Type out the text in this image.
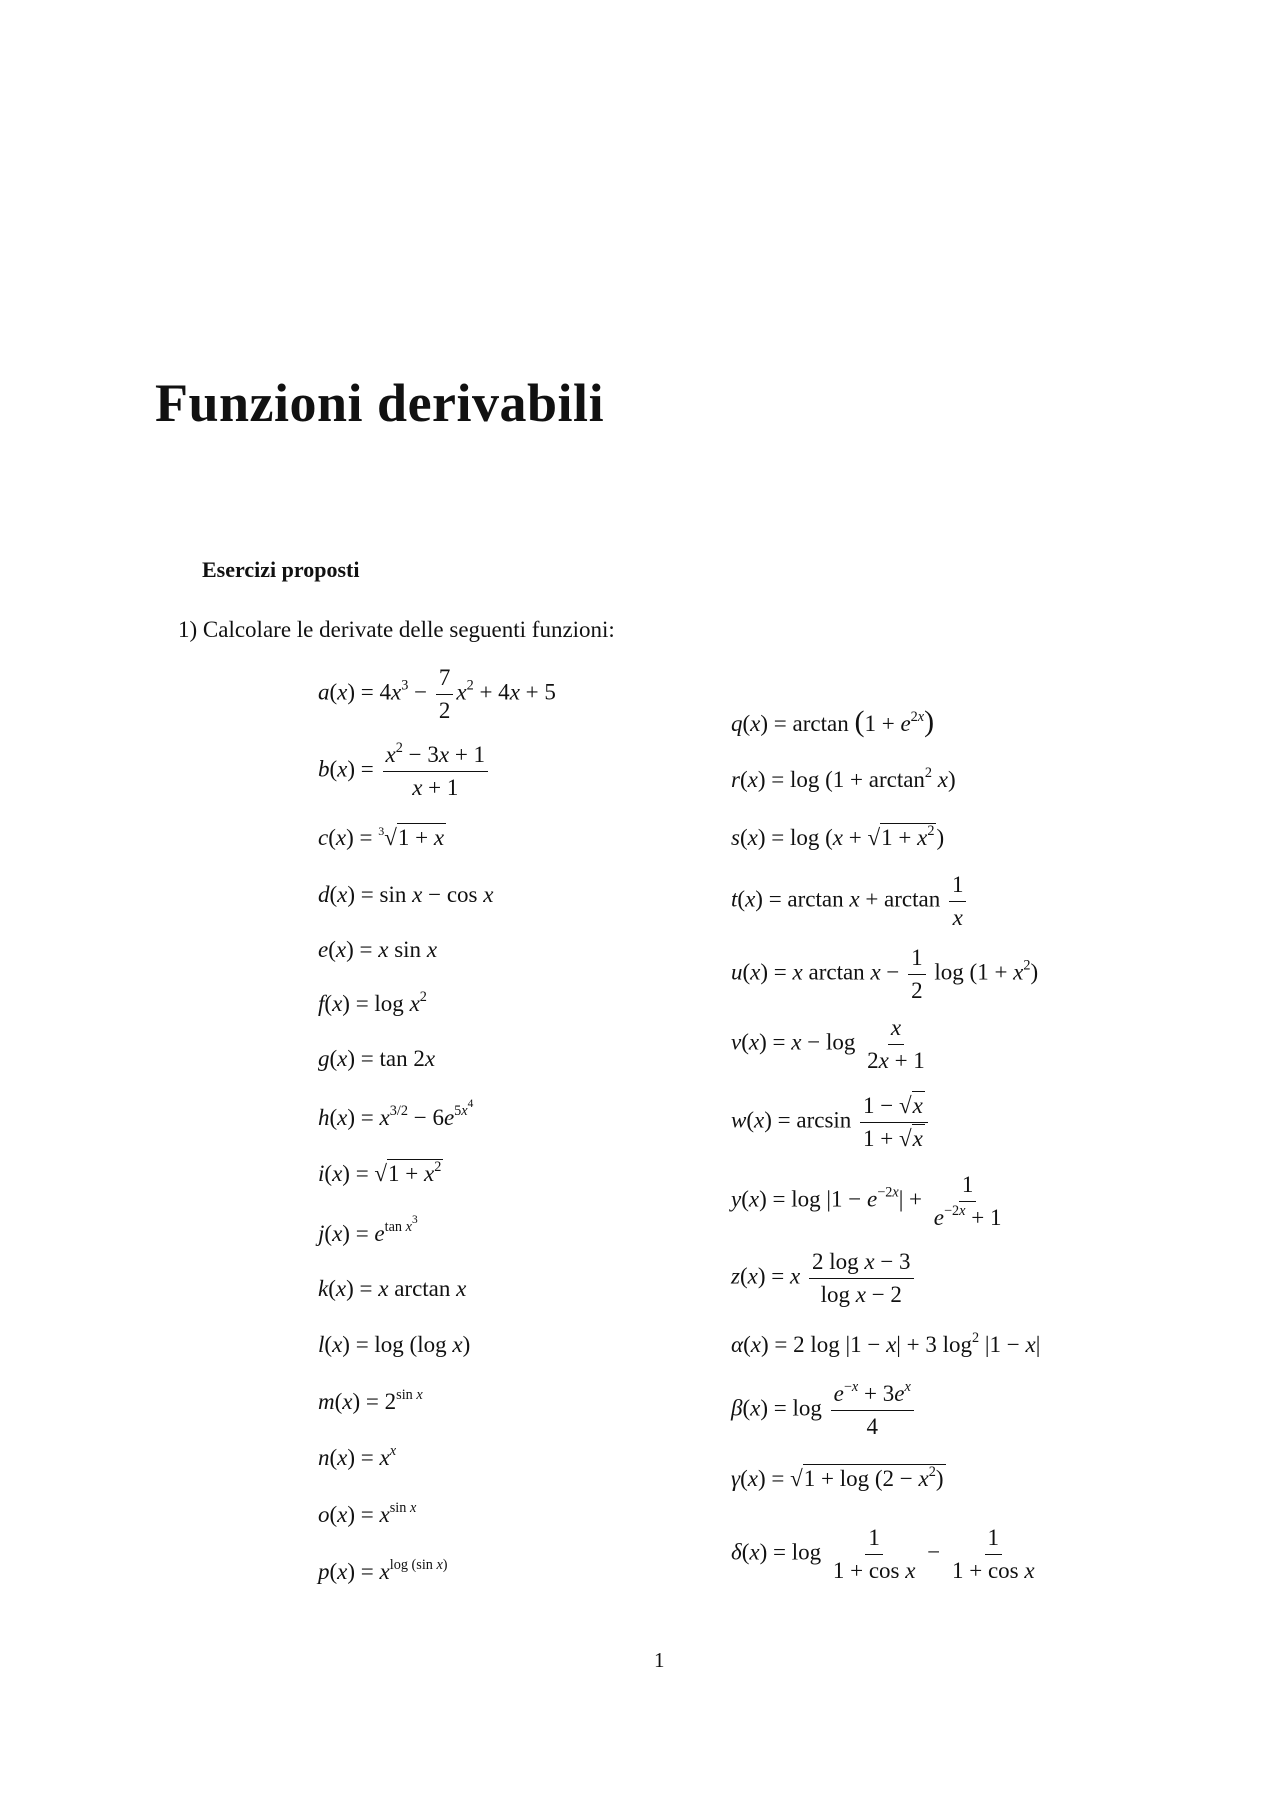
Funzioni derivabili
Esercizi proposti
1) Calcolare le derivate delle seguenti funzioni:
$a(x) = 4x^3 - \frac{7}{2} x^2 + 4x + 5$
$b(x) = \frac{x^2 - 3x + 1}{x + 1}$
c(x) = $^3$√1 + x
d(x) = sin x − cos x
e(x) = x sin x
$f(x) = \log x^2$
g(x) = tan 2x
$h(x) = x^{3/2} - 6e^{5x^4}$
$i(x) = √1 + x^2$
$j(x) = e^{tan x^3}$
k(x) = x arctan x
l(x) = log (log x)
$m(x) = 2^{sin x}$
$n(x) = x^x$
$o(x) = x^{sin x}$
$p(x) = x^{log (sin x)}$
$q(x) = \arctan (1 + e^{2x})$
$r(x) = \log (1 + \arctan^2 x)$
$s(x) = \log (x + √1 + x^2)$
$t(x) = \arctan x + \arctan \frac{1}{x}$
u(x) = x $\arctan x - \frac{1}{2}$ $\log (1 + x^2)$
$v(x) = x - \log \frac{x}{2x + 1}$
$w(x) = \arcsin \frac{1 - √x}{1 + √x}$
$y(x) = \log |1 - e^{-2x}| + \frac{1}{e^{-2x} + 1}$
z(x) = x $\frac{\text{2 log x − 3}}{\text{log x − 2}}$
α(x) = 2 log |1 − x| + 3 $\log^2 |1 - x|$
$\beta(x) = \log \frac{e^{-x} + 3e^x}{4}$
$\gamma(x) = √1 + \log (2 - x^2)$
$\delta(x) = \log \frac{1}{\text{1 + cos x}} - \frac{1}{\text{1 + cos x}}$
1
